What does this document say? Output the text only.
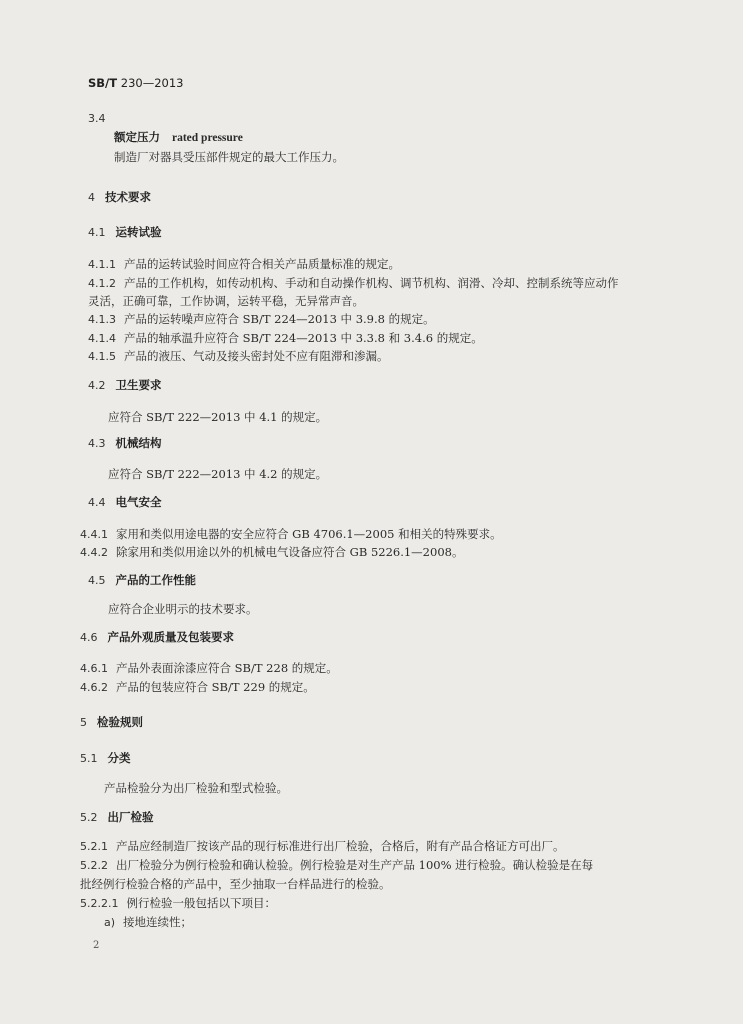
SB/T 230—2013
3.4
额定压力 rated pressure
制造厂对器具受压部件规定的最大工作压力。
4 技术要求
4.1 运转试验
4.1.1 产品的运转试验时间应符合相关产品质量标准的规定。
4.1.2 产品的工作机构，如传动机构、手动和自动操作机构、调节机构、润滑、冷却、控制系统等应动作
灵活，正确可靠，工作协调，运转平稳，无异常声音。
4.1.3 产品的运转噪声应符合 SB/T 224—2013 中 3.9.8 的规定。
4.1.4 产品的轴承温升应符合 SB/T 224—2013 中 3.3.8 和 3.4.6 的规定。
4.1.5 产品的液压、气动及接头密封处不应有阻滞和渗漏。
4.2 卫生要求
应符合 SB/T 222—2013 中 4.1 的规定。
4.3 机械结构
应符合 SB/T 222—2013 中 4.2 的规定。
4.4 电气安全
4.4.1 家用和类似用途电器的安全应符合 GB 4706.1—2005 和相关的特殊要求。
4.4.2 除家用和类似用途以外的机械电气设备应符合 GB 5226.1—2008。
4.5 产品的工作性能
应符合企业明示的技术要求。
4.6 产品外观质量及包装要求
4.6.1 产品外表面涂漆应符合 SB/T 228 的规定。
4.6.2 产品的包装应符合 SB/T 229 的规定。
5 检验规则
5.1 分类
产品检验分为出厂检验和型式检验。
5.2 出厂检验
5.2.1 产品应经制造厂按该产品的现行标准进行出厂检验，合格后，附有产品合格证方可出厂。
5.2.2 出厂检验分为例行检验和确认检验。例行检验是对生产产品 100% 进行检验。确认检验是在每
批经例行检验合格的产品中，至少抽取一台样品进行的检验。
5.2.2.1 例行检验一般包括以下项目：
a) 接地连续性；
2
